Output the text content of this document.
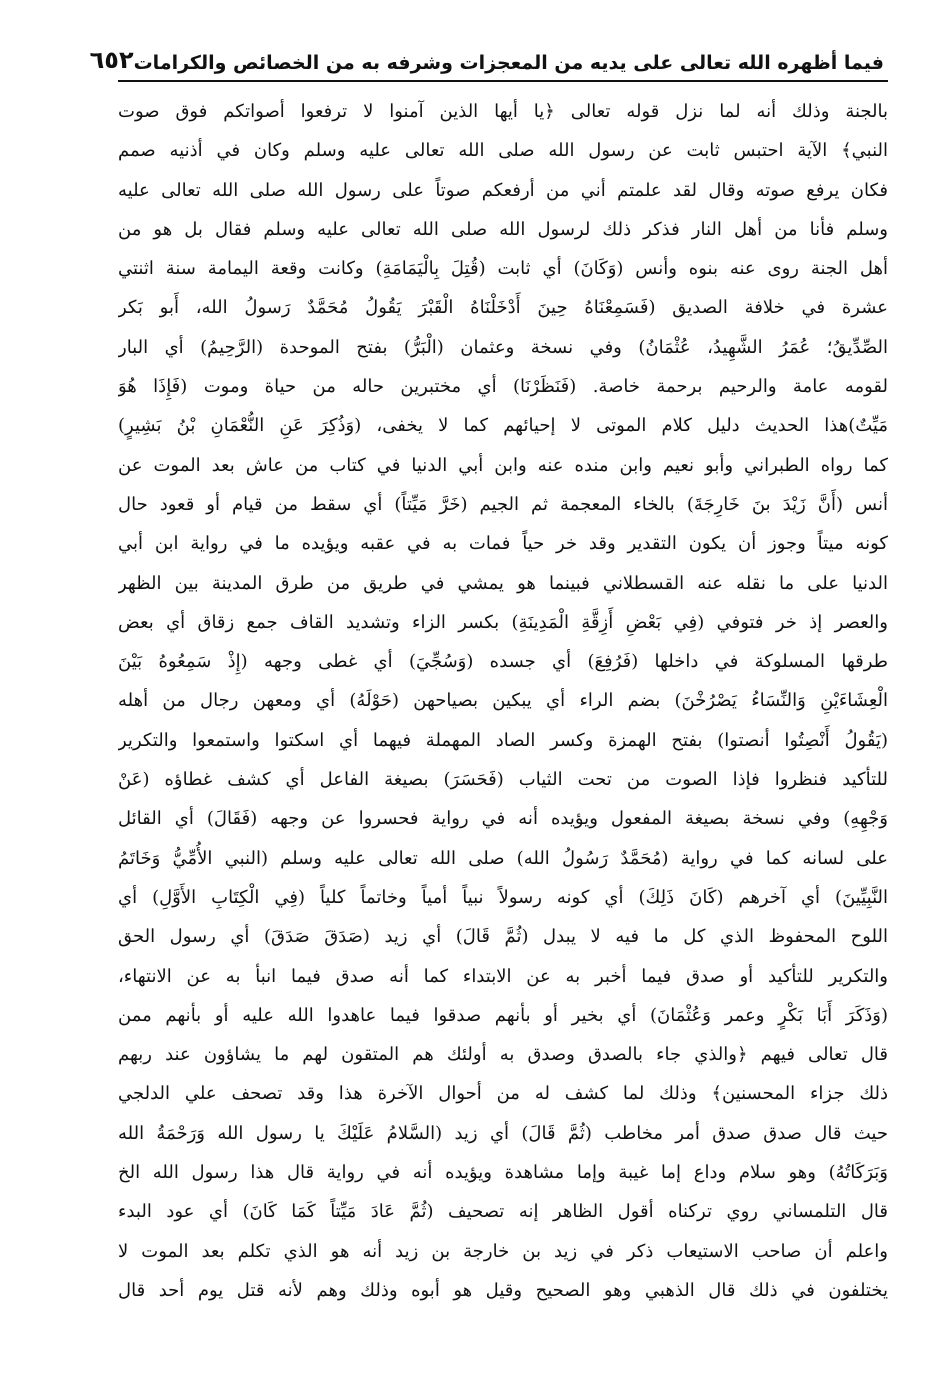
فيما أظهره الله تعالى على يديه من المعجزات وشرفه به من الخصائص والكرامات
٦٥٢
بالجنة وذلك أنه لما نزل قوله تعالى ﴿يا أيها الذين آمنوا لا ترفعوا أصواتكم فوق صوت
النبي﴾ الآية احتبس ثابت عن رسول الله صلى الله تعالى عليه وسلم وكان في أذنيه صمم
فكان يرفع صوته وقال لقد علمتم أني من أرفعكم صوتاً على رسول الله صلى الله تعالى عليه
وسلم فأنا من أهل النار فذكر ذلك لرسول الله صلى الله تعالى عليه وسلم فقال بل هو من
أهل الجنة روى عنه بنوه وأنس (وَكَانَ) أي ثابت (قُتِلَ بِالْيَمَامَةِ) وكانت وقعة اليمامة سنة اثنتي
عشرة في خلافة الصديق (فَسَمِعْنَاهُ حِينَ أَدْخَلْنَاهُ الْقَبْرَ يَقُولُ مُحَمَّدٌ رَسولُ الله، أَبو بَكر
الصِّدِّيقُ؛ عُمَرُ الشَّهِيدُ، عُثْمَانُ) وفي نسخة وعثمان (الْبَرُّ) بفتح الموحدة (الرَّحِيمُ) أي البار
لقومه عامة والرحيم برحمة خاصة. (فَنَظَرْنَا) أي مختبرين حاله من حياة وموت (فَإِذَا هُوَ
مَيِّتٌ)هذا الحديث دليل كلام الموتى لا إحيائهم كما لا يخفى، (وَذُكِرَ عَنِ النُّعْمَانِ بْنُ بَشِيرٍ)
كما رواه الطبراني وأبو نعيم وابن منده عنه وابن أبي الدنيا في كتاب من عاش بعد الموت عن
أنس (أَنَّ زَيْدَ بنَ خَارِجَةَ) بالخاء المعجمة ثم الجيم (خَرَّ مَيِّتاً) أي سقط من قيام أو قعود حال
كونه ميتاً وجوز أن يكون التقدير وقد خر حياً فمات به في عقبه ويؤيده ما في رواية ابن أبي
الدنيا على ما نقله عنه القسطلاني فبينما هو يمشي في طريق من طرق المدينة بين الظهر
والعصر إذ خر فتوفي (فِي بَعْضِ أَزِقَّةِ الْمَدِينَةِ) بكسر الزاء وتشديد القاف جمع زقاق أي بعض
طرقها المسلوكة في داخلها (فَرُفِعَ) أي جسده (وَسُجِّيَ) أي غطى وجهه (إِذْ سَمِعُوهُ بَيْنَ
الْعِشَاءَيْنِ وَالنِّسَاءُ يَصْرُخْنَ) بضم الراء أي يبكين بصياحهن (حَوْلَهُ) أي ومعهن رجال من أهله
(يَقُولُ أَنْصِتُوا أنصتوا) بفتح الهمزة وكسر الصاد المهملة فيهما أي اسكتوا واستمعوا والتكرير
للتأكيد فنظروا فإذا الصوت من تحت الثياب (فَحَسَرَ) بصيغة الفاعل أي كشف غطاؤه (عَنْ
وَجْهِهِ) وفي نسخة بصيغة المفعول ويؤيده أنه في رواية فحسروا عن وجهه (فَقَالَ) أي القائل
على لسانه كما في رواية (مُحَمَّدٌ رَسُولُ الله) صلى الله تعالى عليه وسلم (النبي الأُمِّيُّ وَخَاتَمُ
النَّبِيِّينَ) أي آخرهم (كَانَ ذَلِكَ) أي كونه رسولاً نبياً أمياً وخاتماً كلياً (فِي الْكِتَابِ الأَوَّلِ) أي
اللوح المحفوظ الذي كل ما فيه لا يبدل (ثُمَّ قَالَ) أي زيد (صَدَقَ صَدَقَ) أي رسول الحق
والتكرير للتأكيد أو صدق فيما أخبر به عن الابتداء كما أنه صدق فيما انبأ به عن الانتهاء،
(وَذَكَرَ أَبَا بَكْرٍ وعمر وَعُثْمَانَ) أي بخير أو بأنهم صدقوا فيما عاهدوا الله عليه أو بأنهم ممن
قال تعالى فيهم ﴿والذي جاء بالصدق وصدق به أولئك هم المتقون لهم ما يشاؤون عند ربهم
ذلك جزاء المحسنين﴾ وذلك لما كشف له من أحوال الآخرة هذا وقد تصحف علي الدلجي
حيث قال صدق صدق أمر مخاطب (ثُمَّ قَالَ) أي زيد (السَّلامُ عَلَيْكَ يا رسول الله وَرَحْمَةُ الله
وَبَرَكَاتُهُ) وهو سلام وداع إما غيبة وإما مشاهدة ويؤيده أنه في رواية قال هذا رسول الله الخ
قال التلمساني روي تركناه أقول الظاهر إنه تصحيف (ثُمَّ عَادَ مَيِّتاً كَمَا كَانَ) أي عود البدء
واعلم أن صاحب الاستيعاب ذكر في زيد بن خارجة بن زيد أنه هو الذي تكلم بعد الموت لا
يختلفون في ذلك قال الذهبي وهو الصحيح وقيل هو أبوه وذلك وهم لأنه قتل يوم أحد قال
